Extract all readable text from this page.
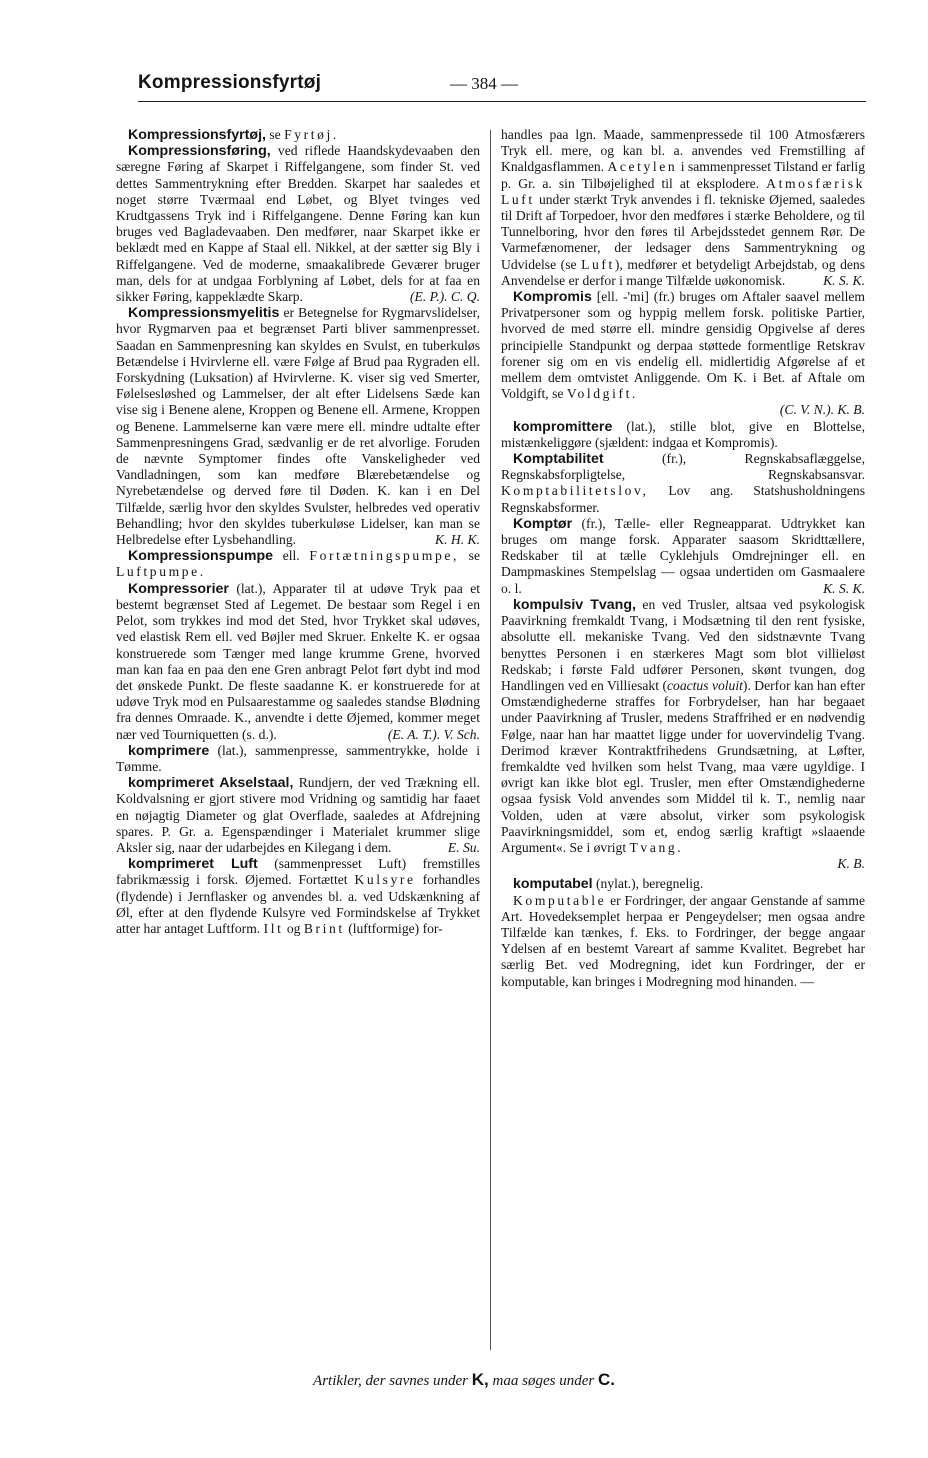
Kompressionsfyrtøj	— 384 —

Kompressionsfyrtøj, se Fyrtøj.

Kompressionsføring, ved riflede Haandskydevaaben den særegne Føring af Skarpet i Riffelgangene, som finder St. ved dettes Sammentrykning efter Bredden. Skarpet har saaledes et noget større Tværmaal end Løbet, og Blyet tvinges ved Krudtgassens Tryk ind i Riffelgangene. Denne Føring kan kun bruges ved Bagladevaaben. Den medfører, naar Skarpet ikke er beklædt med en Kappe af Staal ell. Nikkel, at der sætter sig Bly i Riffelgangene. Ved de moderne, smaakalibrede Geværer bruger man, dels for at undgaa Forblyning af Løbet, dels for at faa en sikker Føring, kappeklædte Skarp.	(E. P.). C. Q.

Kompressionsmyelitis er Betegnelse for Rygmarvslidelser, hvor Rygmarven paa et begrænset Parti bliver sammenpresset. Saadan en Sammenpresning kan skyldes en Svulst, en tuberkuløs Betændelse i Hvirvlerne ell. være Følge af Brud paa Rygraden ell. Forskydning (Luksation) af Hvirvlerne. K. viser sig ved Smerter, Følelsesløshed og Lammelser, der alt efter Lidelsens Sæde kan vise sig i Benene alene, Kroppen og Benene ell. Armene, Kroppen og Benene. Lammelserne kan være mere ell. mindre udtalte efter Sammenpresningens Grad, sædvanlig er de ret alvorlige. Foruden de nævnte Symptomer findes ofte Vanskeligheder ved Vandladningen, som kan medføre Blærebetændelse og Nyrebetændelse og derved føre til Døden. K. kan i en Del Tilfælde, særlig hvor den skyldes Svulster, helbredes ved operativ Behandling; hvor den skyldes tuberkuløse Lidelser, kan man se Helbredelse efter Lysbehandling.	K. H. K.

Kompressionspumpe ell. Fortætningspumpe, se Luftpumpe.

Kompressorier (lat.), Apparater til at udøve Tryk paa et bestemt begrænset Sted af Legemet. De bestaar som Regel i en Pelot, som trykkes ind mod det Sted, hvor Trykket skal udøves, ved elastisk Rem ell. ved Bøjler med Skruer. Enkelte K. er ogsaa konstruerede som Tænger med lange krumme Grene, hvorved man kan faa en paa den ene Gren anbragt Pelot ført dybt ind mod det ønskede Punkt. De fleste saadanne K. er konstruerede for at udøve Tryk mod en Pulsaarestamme og saaledes standse Blødning fra dennes Omraade. K., anvendte i dette Øjemed, kommer meget nær ved Tourniquetten (s. d.).	(E. A. T.). V. Sch.

komprimere (lat.), sammenpresse, sammentrykke, holde i Tømme.

komprimeret Akselstaal, Rundjern, der ved Trækning ell. Koldvalsning er gjort stivere mod Vridning og samtidig har faaet en nøjagtig Diameter og glat Overflade, saaledes at Afdrejning spares. P. Gr. a. Egenspændinger i Materialet krummer slige Aksler sig, naar der udarbejdes en Kilegang i dem.	E. Su.

komprimeret Luft (sammenpresset Luft) fremstilles fabrikmæssig i forsk. Øjemed. Fortættet Kulsyre forhandles (flydende) i Jernflasker og anvendes bl. a. ved Udskænkning af Øl, efter at den flydende Kulsyre ved Formindskelse af Trykket atter har antaget Luftform. Ilt og Brint (luftformige) for-

handles paa lgn. Maade, sammenpressede til 100 Atmosfærers Tryk ell. mere, og kan bl. a. anvendes ved Fremstilling af Knaldgasflammen. Acetylen i sammenpresset Tilstand er farlig p. Gr. a. sin Tilbøjelighed til at eksplodere. Atmosfærisk Luft under stærkt Tryk anvendes i fl. tekniske Øjemed, saaledes til Drift af Torpedoer, hvor den medføres i stærke Beholdere, og til Tunnelboring, hvor den føres til Arbejdsstedet gennem Rør. De Varmefænomener, der ledsager dens Sammentrykning og Udvidelse (se Luft), medfører et betydeligt Arbejdstab, og dens Anvendelse er derfor i mange Tilfælde uøkonomisk.	K. S. K.

Kompromis [ell. -'mi] (fr.) bruges om Aftaler saavel mellem Privatpersoner som og hyppig mellem forsk. politiske Partier, hvorved de med større ell. mindre gensidig Opgivelse af deres principielle Standpunkt og derpaa støttede formentlige Retskrav forener sig om en vis endelig ell. midlertidig Afgørelse af et mellem dem omtvistet Anliggende. Om K. i Bet. af Aftale om Voldgift, se Voldgift.

(C. V. N.). K. B.

kompromittere (lat.), stille blot, give en Blottelse, mistænkeliggøre (sjældent: indgaa et Kompromis).

Komptabilitet (fr.), Regnskabsaflæggelse, Regnskabsforpligtelse, Regnskabsansvar. Komptabilitetslov, Lov ang. Statshusholdningens Regnskabsformer.

Komptør (fr.), Tælle- eller Regneapparat. Udtrykket kan bruges om mange forsk. Apparater saasom Skridttællere, Redskaber til at tælle Cyklehjuls Omdrejninger ell. en Dampmaskines Stempelslag — ogsaa undertiden om Gasmaalere o. l.	K. S. K.

kompulsiv Tvang, en ved Trusler, altsaa ved psykologisk Paavirkning fremkaldt Tvang, i Modsætning til den rent fysiske, absolutte ell. mekaniske Tvang. Ved den sidstnævnte Tvang benyttes Personen i en stærkeres Magt som blot villieløst Redskab; i første Fald udfører Personen, skønt tvungen, dog Handlingen ved en Villiesakt (coactus voluit). Derfor kan han efter Omstændighederne straffes for Forbrydelser, han har begaaet under Paavirkning af Trusler, medens Straffrihed er en nødvendig Følge, naar han har maattet ligge under for uovervindelig Tvang. Derimod kræver Kontraktfrihedens Grundsætning, at Løfter, fremkaldte ved hvilken som helst Tvang, maa være ugyldige. I øvrigt kan ikke blot egl. Trusler, men efter Omstændighederne ogsaa fysisk Vold anvendes som Middel til k. T., nemlig naar Volden, uden at være absolut, virker som psykologisk Paavirkningsmiddel, som et, endog særlig kraftigt »slaaende Argument«. Se i øvrigt Tvang.

K. B.

komputabel (nylat.), beregnelig.

Komputable er Fordringer, der angaar Genstande af samme Art. Hovedeksemplet herpaa er Pengeydelser; men ogsaa andre Tilfælde kan tænkes, f. Eks. to Fordringer, der begge angaar Ydelsen af en bestemt Vareart af samme Kvalitet. Begrebet har særlig Bet. ved Modregning, idet kun Fordringer, der er komputable, kan bringes i Modregning mod hinanden. —

Artikler, der savnes under K, maa søges under C.
